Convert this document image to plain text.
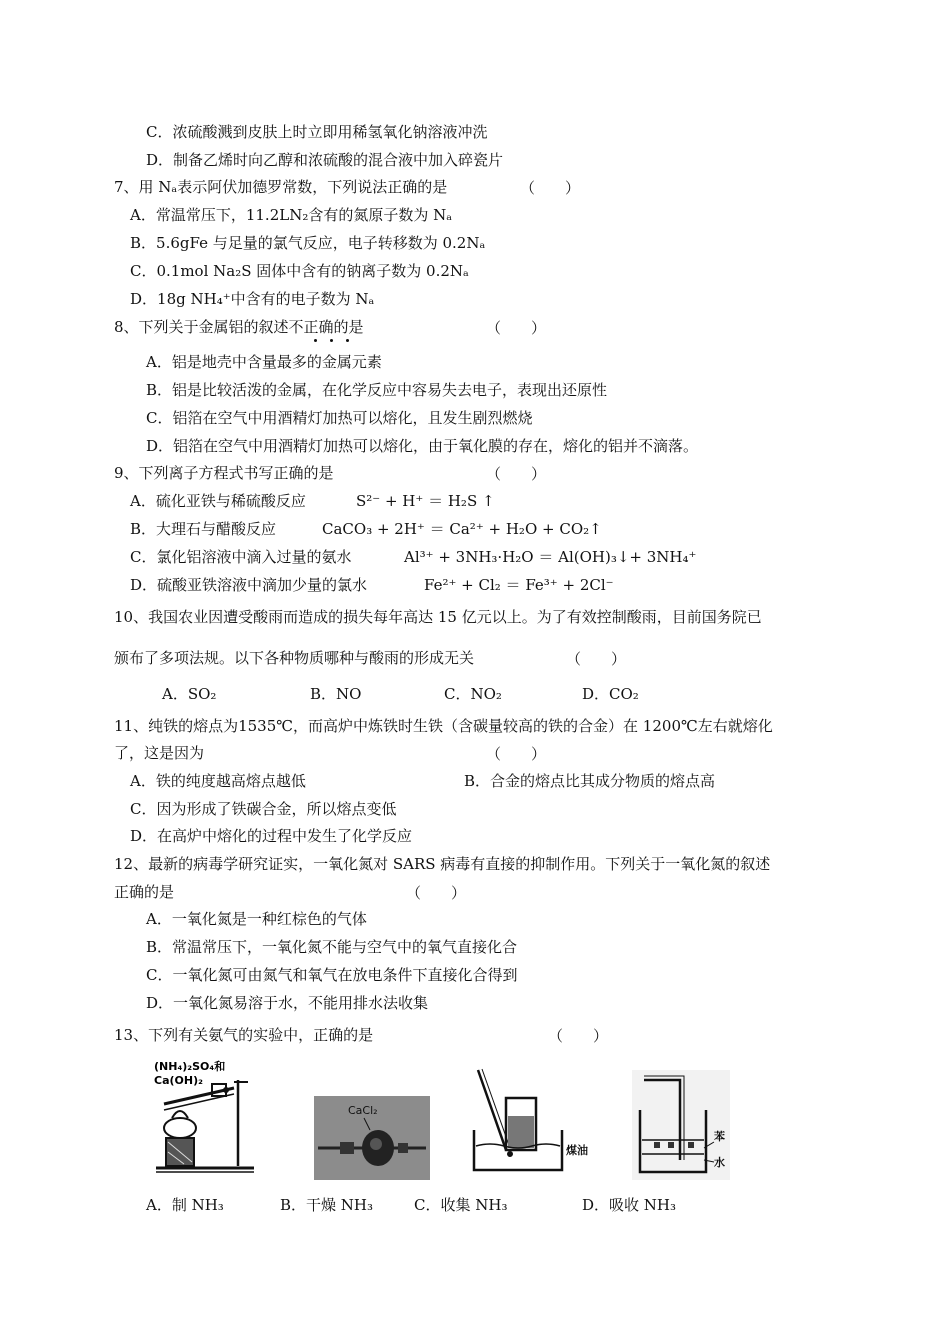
C．浓硫酸溅到皮肤上时立即用稀氢氧化钠溶液冲洗
D．制备乙烯时向乙醇和浓硫酸的混合液中加入碎瓷片
7、用 Nₐ表示阿伏加德罗常数，下列说法正确的是	（　　）
A．常温常压下，11.2LN₂含有的氮原子数为 Nₐ
B．5.6gFe 与足量的氯气反应，电子转移数为 0.2Nₐ
C．0.1mol Na₂S 固体中含有的钠离子数为 0.2Nₐ
D．18g NH₄⁺中含有的电子数为 Nₐ
8、下列关于金属铝的叙述不正确的是	（　　）
A．铝是地壳中含量最多的金属元素
B．铝是比较活泼的金属，在化学反应中容易失去电子，表现出还原性
C．铝箔在空气中用酒精灯加热可以熔化，且发生剧烈燃烧
D．铝箔在空气中用酒精灯加热可以熔化，由于氧化膜的存在，熔化的铝并不滴落。
9、下列离子方程式书写正确的是	（　　）
A．硫化亚铁与稀硫酸反应	S²⁻ + H⁺ ＝ H₂S ↑
B．大理石与醋酸反应	CaCO₃ + 2H⁺ ＝ Ca²⁺ + H₂O + CO₂↑
C．氯化铝溶液中滴入过量的氨水	Al³⁺ + 3NH₃·H₂O ＝ Al(OH)₃↓+ 3NH₄⁺
D．硫酸亚铁溶液中滴加少量的氯水	Fe²⁺ + Cl₂ ＝ Fe³⁺ + 2Cl⁻
10、我国农业因遭受酸雨而造成的损失每年高达 15 亿元以上。为了有效控制酸雨，目前国务院已
颁布了多项法规。以下各种物质哪种与酸雨的形成无关	（　　）
A．SO₂	B．NO	C．NO₂	D．CO₂
11、纯铁的熔点为1535℃，而高炉中炼铁时生铁（含碳量较高的铁的合金）在 1200℃左右就熔化
了，这是因为	（　　）
A．铁的纯度越高熔点越低	B．合金的熔点比其成分物质的熔点高
C．因为形成了铁碳合金，所以熔点变低
D．在高炉中熔化的过程中发生了化学反应
12、最新的病毒学研究证实，一氧化氮对 SARS 病毒有直接的抑制作用。下列关于一氧化氮的叙述
正确的是	（　　）
A．一氧化氮是一种红棕色的气体
B．常温常压下，一氧化氮不能与空气中的氧气直接化合
C．一氧化氮可由氮气和氧气在放电条件下直接化合得到
D．一氧化氮易溶于水，不能用排水法收集
13、下列有关氨气的实验中，正确的是	（　　）
(NH₄)₂SO₄和
Ca(OH)₂
CaCl₂
煤油
苯
水
A．制 NH₃	B．干燥 NH₃	C．收集 NH₃	D．吸收 NH₃
